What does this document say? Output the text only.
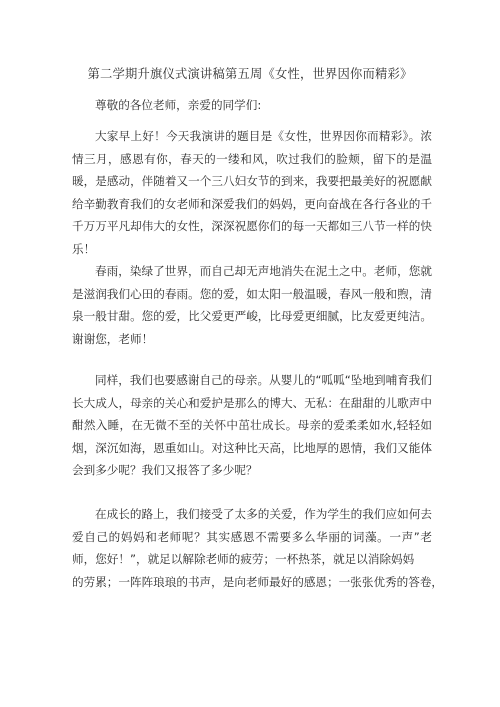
第二学期升旗仪式演讲稿第五周《女性，世界因你而精彩》

尊敬的各位老师，亲爱的同学们:

大家早上好！今天我演讲的题目是《女性，世界因你而精彩》。浓情三月，感恩有你，春天的一缕和风，吹过我们的脸颊，留下的是温暖，是感动，伴随着又一个三八妇女节的到来，我要把最美好的祝愿献给辛勤教育我们的女老师和深爱我们的妈妈，更向奋战在各行各业的千千万万平凡却伟大的女性，深深祝愿你们的每一天都如三八节一样的快乐！

春雨，染绿了世界，而自己却无声地消失在泥土之中。老师，您就是滋润我们心田的春雨。您的爱，如太阳一般温暖，春风一般和煦，清泉一般甘甜。您的爱，比父爱更严峻，比母爱更细腻，比友爱更纯洁。谢谢您，老师！

同样，我们也要感谢自己的母亲。从婴儿的“呱呱“坠地到哺育我们长大成人，母亲的关心和爱护是那么的博大、无私：在甜甜的儿歌声中酣然入睡，在无微不至的关怀中茁壮成长。母亲的爱柔柔如水,轻轻如烟，深沉如海，恩重如山。对这种比天高，比地厚的恩情，我们又能体会到多少呢？我们又报答了多少呢？

在成长的路上，我们接受了太多的关爱，作为学生的我们应如何去爱自己的妈妈和老师呢？其实感恩不需要多么华丽的词藻。一声”老师，您好！”，就足以解除老师的疲劳；一杯热茶，就足以消除妈妈

的劳累；一阵阵琅琅的书声，是向老师最好的感恩；一张张优秀的答卷，
